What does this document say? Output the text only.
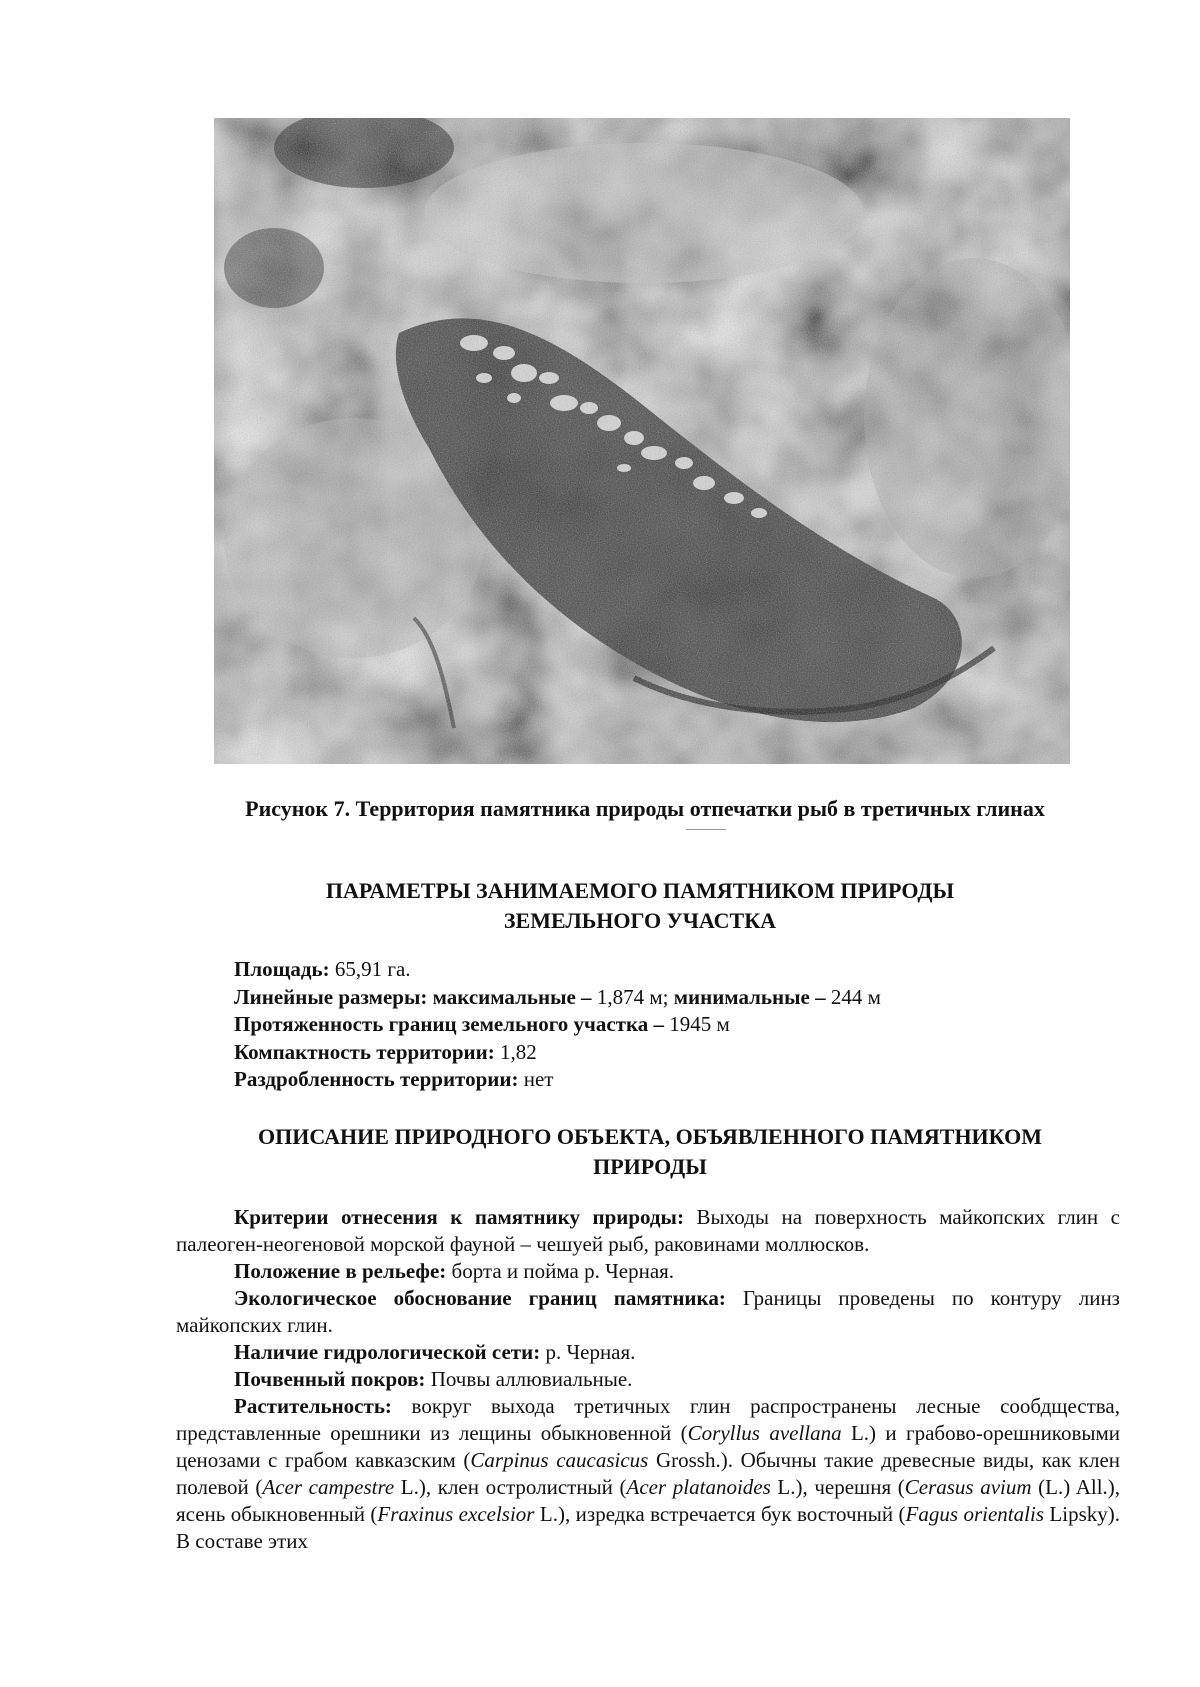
Рисунок 7. Территория памятника природы отпечатки рыб в третичных глинах
ПАРАМЕТРЫ ЗАНИМАЕМОГО ПАМЯТНИКОМ ПРИРОДЫ
ЗЕМЕЛЬНОГО УЧАСТКА
Площадь: 65,91 га.
Линейные размеры: максимальные – 1,874 м; минимальные – 244 м
Протяженность границ земельного участка – 1945 м
Компактность территории: 1,82
Раздробленность территории: нет
ОПИСАНИЕ ПРИРОДНОГО ОБЪЕКТА, ОБЪЯВЛЕННОГО ПАМЯТНИКОМ
ПРИРОДЫ

Критерии отнесения к памятнику природы: Выходы на поверхность майкопских глин с палеоген-неогеновой морской фауной – чешуей рыб, раковинами моллюсков.

Положение в рельефе: борта и пойма р. Черная.

Экологическое обоснование границ памятника: Границы проведены по контуру линз майкопских глин.

Наличие гидрологической сети: р. Черная.

Почвенный покров: Почвы аллювиальные.

Растительность: вокруг выхода третичных глин распространены лесные сообдщества, представленные орешники из лещины обыкновенной (Coryllus avellana L.) и грабово-орешниковыми ценозами с грабом кавказским (Carpinus caucasicus Grossh.). Обычны такие древесные виды, как клен полевой (Acer campestre L.), клен остролистный (Acer platanoides L.), черешня (Cerasus avium (L.) All.), ясень обыкновенный (Fraxinus excelsior L.), изредка встречается бук восточный (Fagus orientalis Lipsky). В составе этих
